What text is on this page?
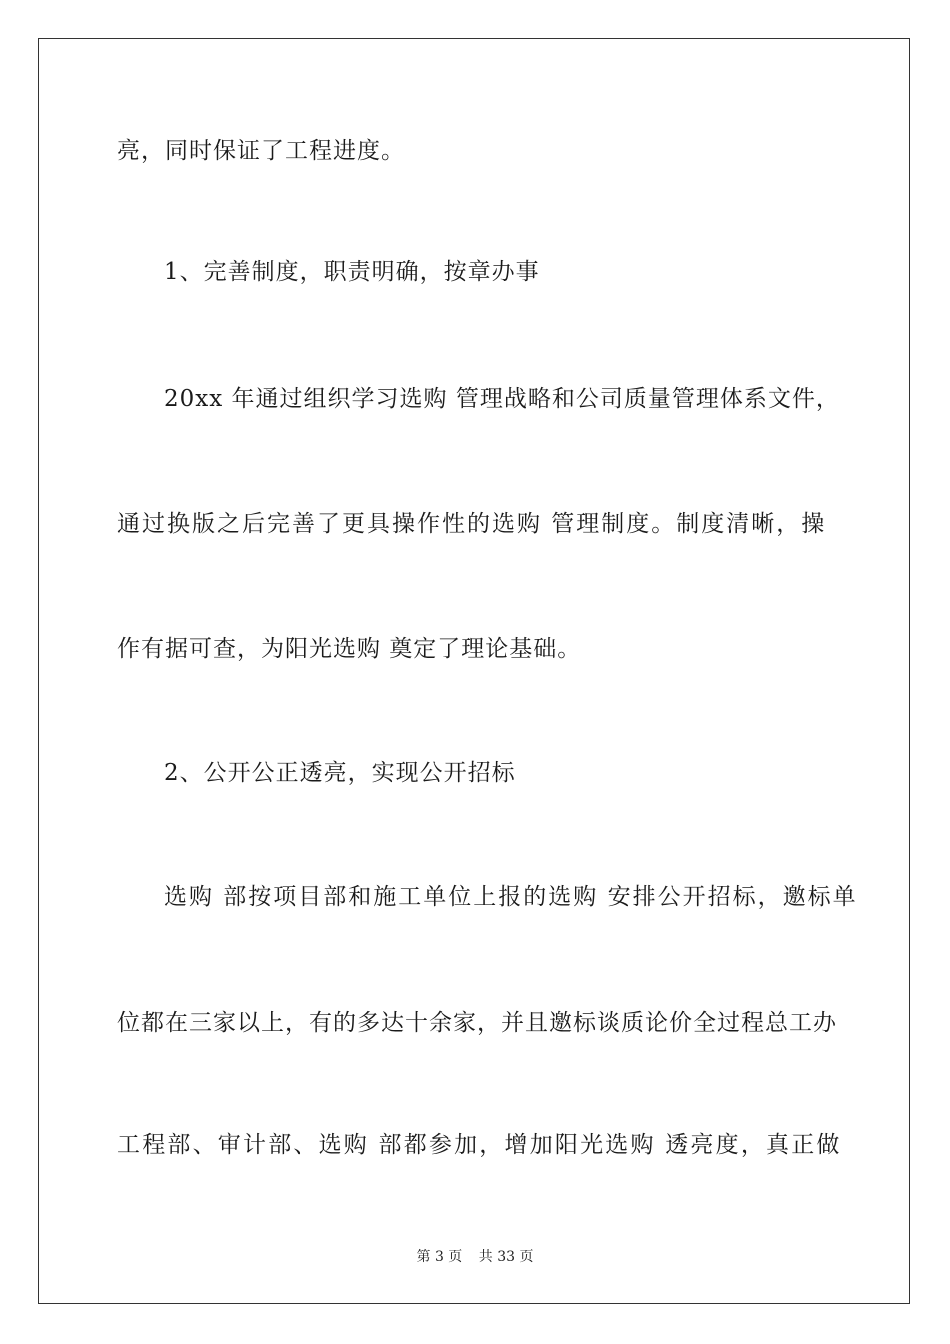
亮，同时保证了工程进度。
1、完善制度，职责明确，按章办事
20xx 年通过组织学习选购 管理战略和公司质量管理体系文件，
通过换版之后完善了更具操作性的选购 管理制度。制度清晰，操
作有据可查，为阳光选购 奠定了理论基础。
2、公开公正透亮，实现公开招标
选购 部按项目部和施工单位上报的选购 安排公开招标，邀标单
位都在三家以上，有的多达十余家，并且邀标谈质论价全过程总工办
工程部、审计部、选购 部都参加，增加阳光选购 透亮度，真正做
第 3 页 共 33 页
